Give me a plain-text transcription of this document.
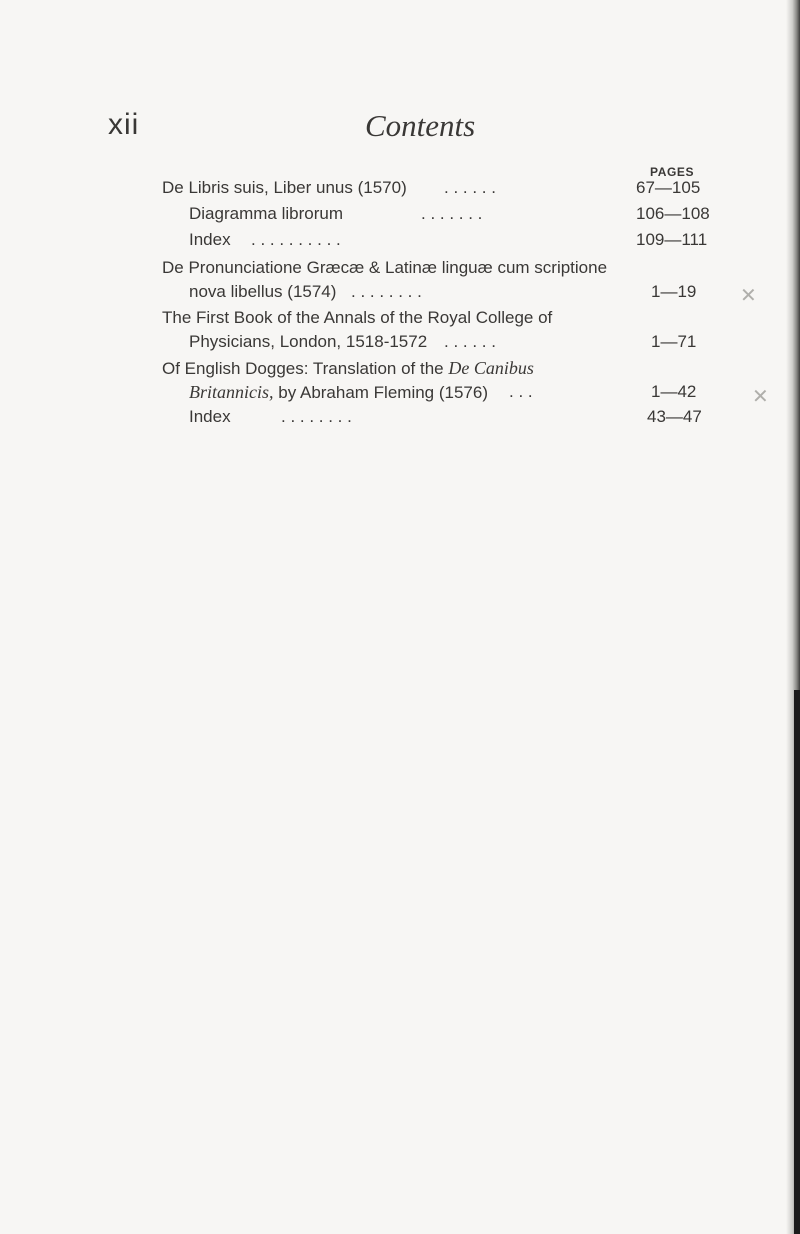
xii	Contents
PAGES
De Libris suis, Liber unus (1570) . . . . . .	67—105
Diagramma librorum	. . . . . . .	106—108
Index . . . . . . . . . .	109—111
De Pronunciatione Græcæ & Latinæ linguæ cum scriptione
nova libellus (1574) . . . . . . . .	1—19
The First Book of the Annals of the Royal College of
Physicians, London, 1518-1572 . . . . . .	1—71
Of English Dogges: Translation of the De Canibus
Britannicis, by Abraham Fleming (1576) . . .	1—42
Index	. . . . . . . .	43—47
✕
✕
